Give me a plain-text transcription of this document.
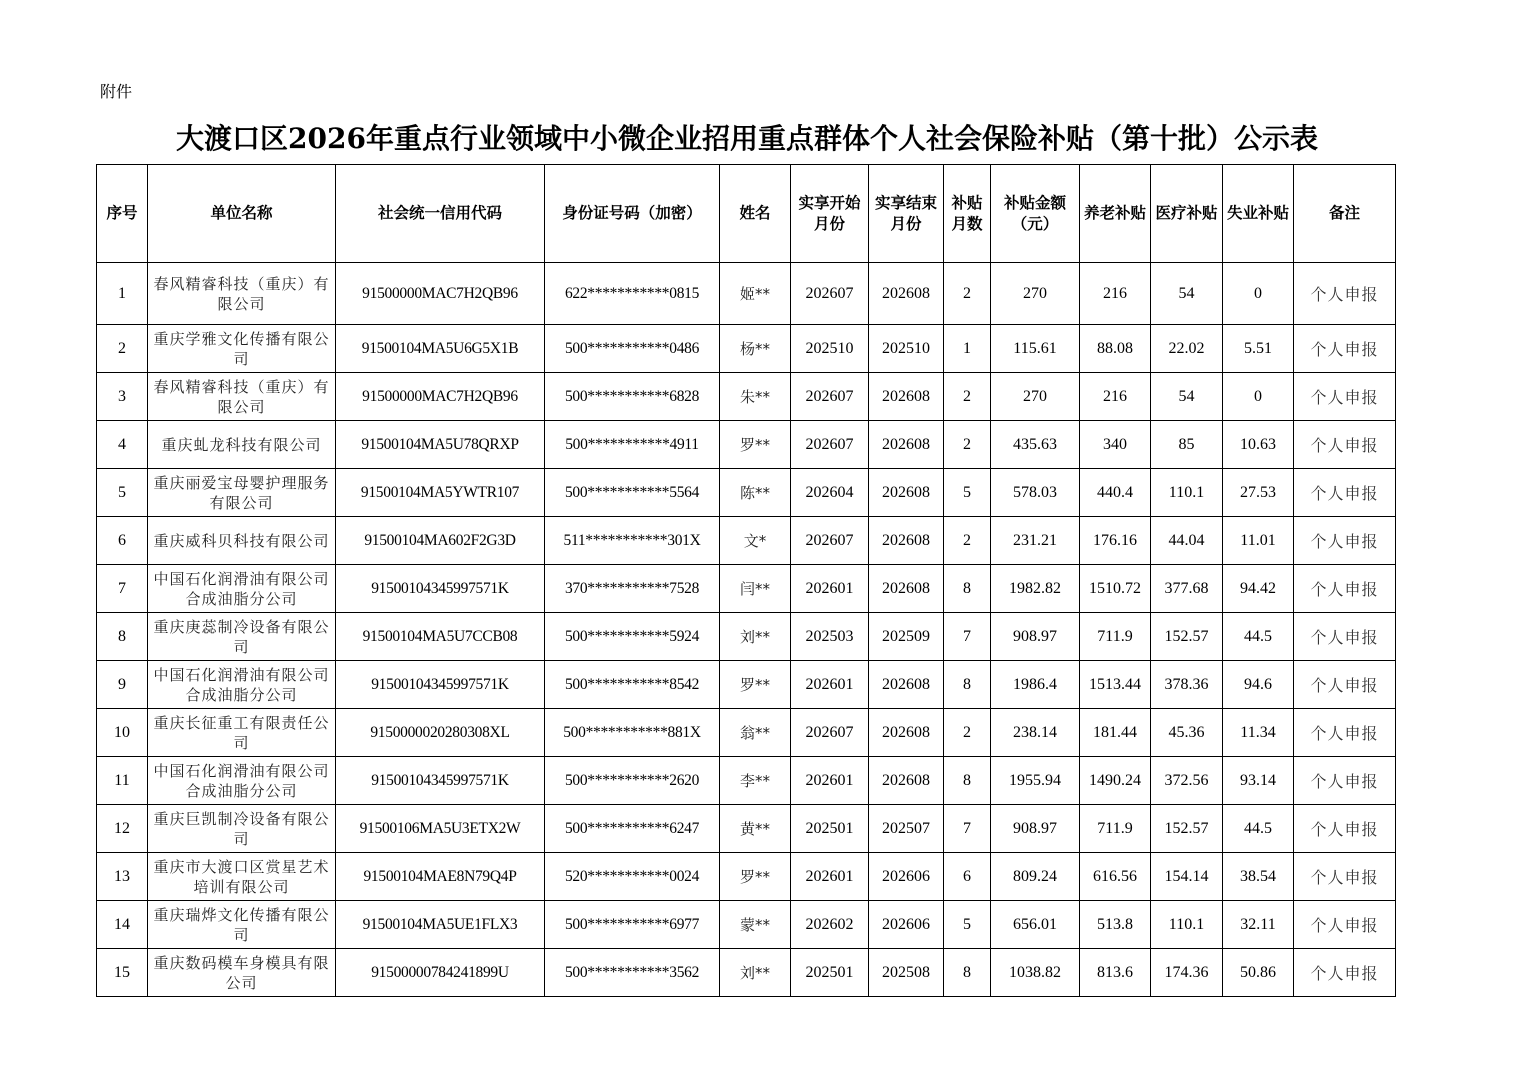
附件
大渡口区2026年重点行业领域中小微企业招用重点群体个人社会保险补贴（第十批）公示表
序号	单位名称	社会统一信用代码	身份证号码（加密）	姓名	实享开始月份	实享结束月份	补贴月数	补贴金额（元）	养老补贴	医疗补贴	失业补贴	备注
1	春风精睿科技（重庆）有限公司	91500000MAC7H2QB96	622***********0815	姬**	202607	202608	2	270	216	54	0	个人申报
2	重庆学雅文化传播有限公司	91500104MA5U6G5X1B	500***********0486	杨**	202510	202510	1	115.61	88.08	22.02	5.51	个人申报
3	春风精睿科技（重庆）有限公司	91500000MAC7H2QB96	500***********6828	朱**	202607	202608	2	270	216	54	0	个人申报
4	重庆虬龙科技有限公司	91500104MA5U78QRXP	500***********4911	罗**	202607	202608	2	435.63	340	85	10.63	个人申报
5	重庆丽爱宝母婴护理服务有限公司	91500104MA5YWTR107	500***********5564	陈**	202604	202608	5	578.03	440.4	110.1	27.53	个人申报
6	重庆威科贝科技有限公司	91500104MA602F2G3D	511***********301X	文*	202607	202608	2	231.21	176.16	44.04	11.01	个人申报
7	中国石化润滑油有限公司合成油脂分公司	91500104345997571K	370***********7528	闫**	202601	202608	8	1982.82	1510.72	377.68	94.42	个人申报
8	重庆庚蕊制冷设备有限公司	91500104MA5U7CCB08	500***********5924	刘**	202503	202509	7	908.97	711.9	152.57	44.5	个人申报
9	中国石化润滑油有限公司合成油脂分公司	91500104345997571K	500***********8542	罗**	202601	202608	8	1986.4	1513.44	378.36	94.6	个人申报
10	重庆长征重工有限责任公司	9150000020280308XL	500***********881X	翁**	202607	202608	2	238.14	181.44	45.36	11.34	个人申报
11	中国石化润滑油有限公司合成油脂分公司	91500104345997571K	500***********2620	李**	202601	202608	8	1955.94	1490.24	372.56	93.14	个人申报
12	重庆巨凯制冷设备有限公司	91500106MA5U3ETX2W	500***********6247	黄**	202501	202507	7	908.97	711.9	152.57	44.5	个人申报
13	重庆市大渡口区赏星艺术培训有限公司	91500104MAE8N79Q4P	520***********0024	罗**	202601	202606	6	809.24	616.56	154.14	38.54	个人申报
14	重庆瑞烨文化传播有限公司	91500104MA5UE1FLX3	500***********6977	蒙**	202602	202606	5	656.01	513.8	110.1	32.11	个人申报
15	重庆数码模车身模具有限公司	91500000784241899U	500***********3562	刘**	202501	202508	8	1038.82	813.6	174.36	50.86	个人申报
